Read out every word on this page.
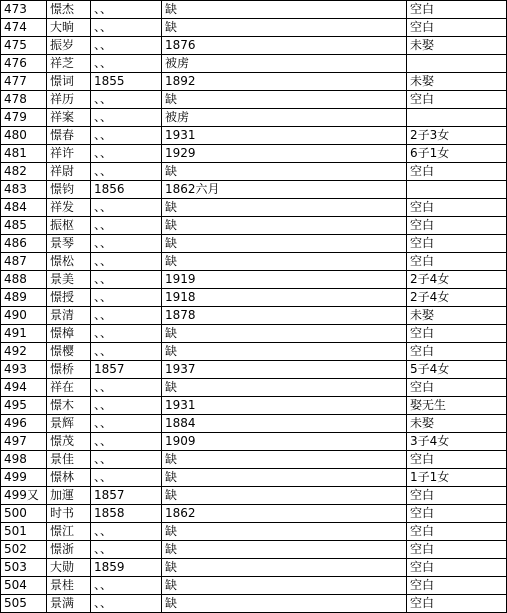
473	憬杰	、、	缺	空白
474	大晌	、、	缺	空白
475	振岁	、、	1876	未娶
476	祥芝	、、	被虏	
477	憬词	1855	1892	未娶
478	祥历	、、	缺	空白
479	祥案	、、	被虏	
480	憬春	、、	1931	2子3女
481	祥许	、、	1929	6子1女
482	祥尉	、、	缺	空白
483	憬钧	1856	1862六月	
484	祥发	、、	缺	空白
485	振枢	、、	缺	空白
486	景琴	、、	缺	空白
487	憬松	、、	缺	空白
488	景美	、、	1919	2子4女
489	憬授	、、	1918	2子4女
490	景清	、、	1878	未娶
491	憬樟	、、	缺	空白
492	憬樱	、、	缺	空白
493	憬桥	1857	1937	5子4女
494	祥在	、、	缺	空白
495	憬木	、、	1931	娶无生
496	景辉	、、	1884	未娶
497	憬茂	、、	1909	3子4女
498	景佳	、、	缺	空白
499	憬林	、、	缺	1子1女
499又	加運	1857	缺	空白
500	时书	1858	1862	空白
501	憬江	、、	缺	空白
502	憬浙	、、	缺	空白
503	大勋	1859	缺	空白
504	景桂	、、	缺	空白
505	景满	、、	缺	空白
